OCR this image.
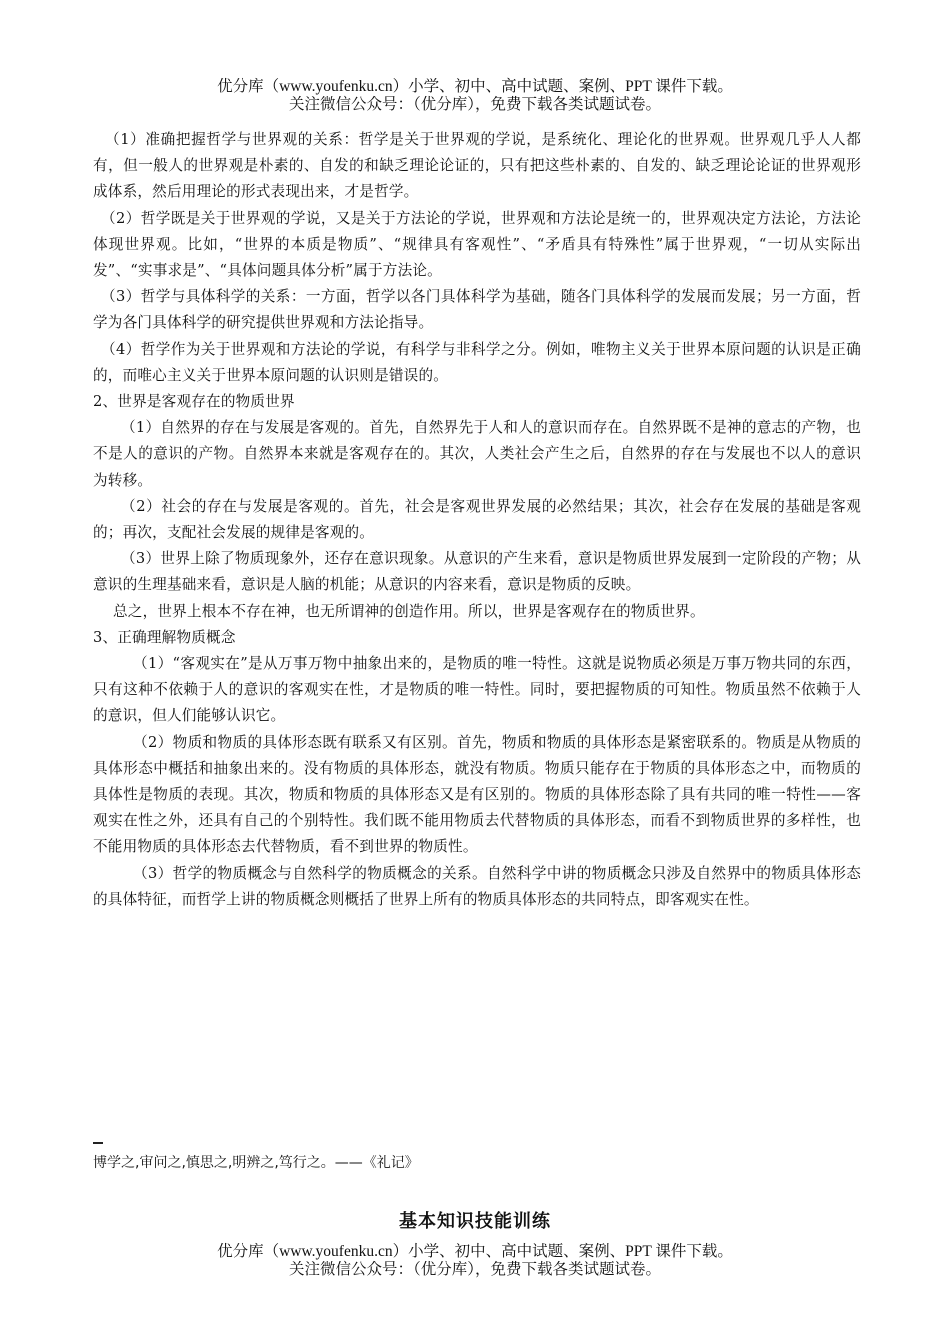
优分库（www.youfenku.cn）小学、初中、高中试题、案例、PPT 课件下载。
关注微信公众号：（优分库），免费下载各类试题试卷。

（1）准确把握哲学与世界观的关系：哲学是关于世界观的学说，是系统化、理论化的世界观。世界观几乎人人都有，但一般人的世界观是朴素的、自发的和缺乏理论论证的，只有把这些朴素的、自发的、缺乏理论论证的世界观形成体系，然后用理论的形式表现出来，才是哲学。

（2）哲学既是关于世界观的学说，又是关于方法论的学说，世界观和方法论是统一的，世界观决定方法论，方法论体现世界观。比如，“世界的本质是物质”、“规律具有客观性”、“矛盾具有特殊性”属于世界观，“一切从实际出发”、“实事求是”、“具体问题具体分析”属于方法论。

（3）哲学与具体科学的关系：一方面，哲学以各门具体科学为基础，随各门具体科学的发展而发展；另一方面，哲学为各门具体科学的研究提供世界观和方法论指导。

（4）哲学作为关于世界观和方法论的学说，有科学与非科学之分。例如，唯物主义关于世界本原问题的认识是正确的，而唯心主义关于世界本原问题的认识则是错误的。

2、世界是客观存在的物质世界

（1）自然界的存在与发展是客观的。首先，自然界先于人和人的意识而存在。自然界既不是神的意志的产物，也不是人的意识的产物。自然界本来就是客观存在的。其次，人类社会产生之后，自然界的存在与发展也不以人的意识为转移。

（2）社会的存在与发展是客观的。首先，社会是客观世界发展的必然结果；其次，社会存在发展的基础是客观的；再次，支配社会发展的规律是客观的。

（3）世界上除了物质现象外，还存在意识现象。从意识的产生来看，意识是物质世界发展到一定阶段的产物；从意识的生理基础来看，意识是人脑的机能；从意识的内容来看，意识是物质的反映。

总之，世界上根本不存在神，也无所谓神的创造作用。所以，世界是客观存在的物质世界。

3、正确理解物质概念

（1）“客观实在”是从万事万物中抽象出来的，是物质的唯一特性。这就是说物质必须是万事万物共同的东西，只有这种不依赖于人的意识的客观实在性，才是物质的唯一特性。同时，要把握物质的可知性。物质虽然不依赖于人的意识，但人们能够认识它。

（2）物质和物质的具体形态既有联系又有区别。首先，物质和物质的具体形态是紧密联系的。物质是从物质的具体形态中概括和抽象出来的。没有物质的具体形态，就没有物质。物质只能存在于物质的具体形态之中，而物质的具体性是物质的表现。其次，物质和物质的具体形态又是有区别的。物质的具体形态除了具有共同的唯一特性——客观实在性之外，还具有自己的个别特性。我们既不能用物质去代替物质的具体形态，而看不到物质世界的多样性，也不能用物质的具体形态去代替物质，看不到世界的物质性。

（3）哲学的物质概念与自然科学的物质概念的关系。自然科学中讲的物质概念只涉及自然界中的物质具体形态的具体特征，而哲学上讲的物质概念则概括了世界上所有的物质具体形态的共同特点，即客观实在性。

博学之,审问之,慎思之,明辨之,笃行之。——《礼记》
基本知识技能训练
优分库（www.youfenku.cn）小学、初中、高中试题、案例、PPT 课件下载。
关注微信公众号：（优分库），免费下载各类试题试卷。
